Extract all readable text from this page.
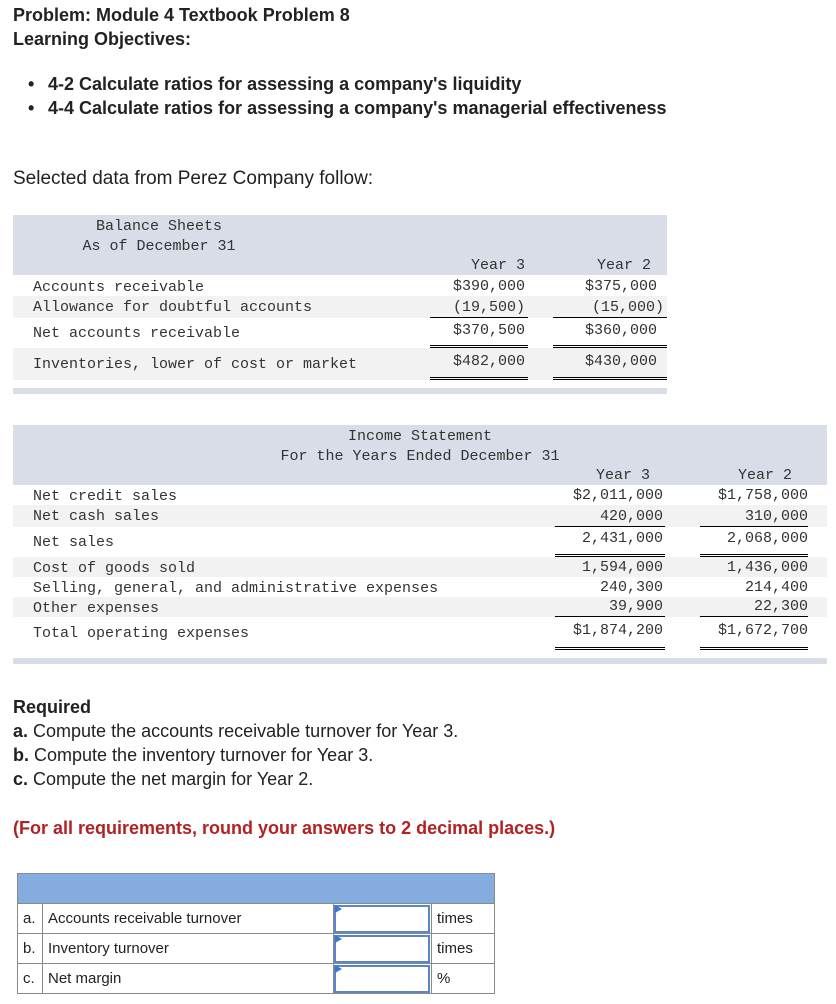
Problem: Module 4 Textbook Problem 8
Learning Objectives:
• 4-2 Calculate ratios for assessing a company's liquidity
• 4-4 Calculate ratios for assessing a company's managerial effectiveness
Selected data from Perez Company follow:
Balance Sheets
As of December 31
Year 3	Year 2
Accounts receivable	$390,000	$375,000
Allowance for doubtful accounts	(19,500)	(15,000)
Net accounts receivable	$370,500	$360,000
Inventories, lower of cost or market	$482,000	$430,000
Income Statement
For the Years Ended December 31
Year 3	Year 2
Net credit sales	$2,011,000	$1,758,000
Net cash sales	420,000	310,000
Net sales	2,431,000	2,068,000
Cost of goods sold	1,594,000	1,436,000
Selling, general, and administrative expenses	240,300	214,400
Other expenses	39,900	22,300
Total operating expenses	$1,874,200	$1,672,700
Required
a. Compute the accounts receivable turnover for Year 3.
b. Compute the inventory turnover for Year 3.
c. Compute the net margin for Year 2.
(For all requirements, round your answers to 2 decimal places.)

a.	Accounts receivable turnover		times
b.	Inventory turnover		times
c.	Net margin		%
